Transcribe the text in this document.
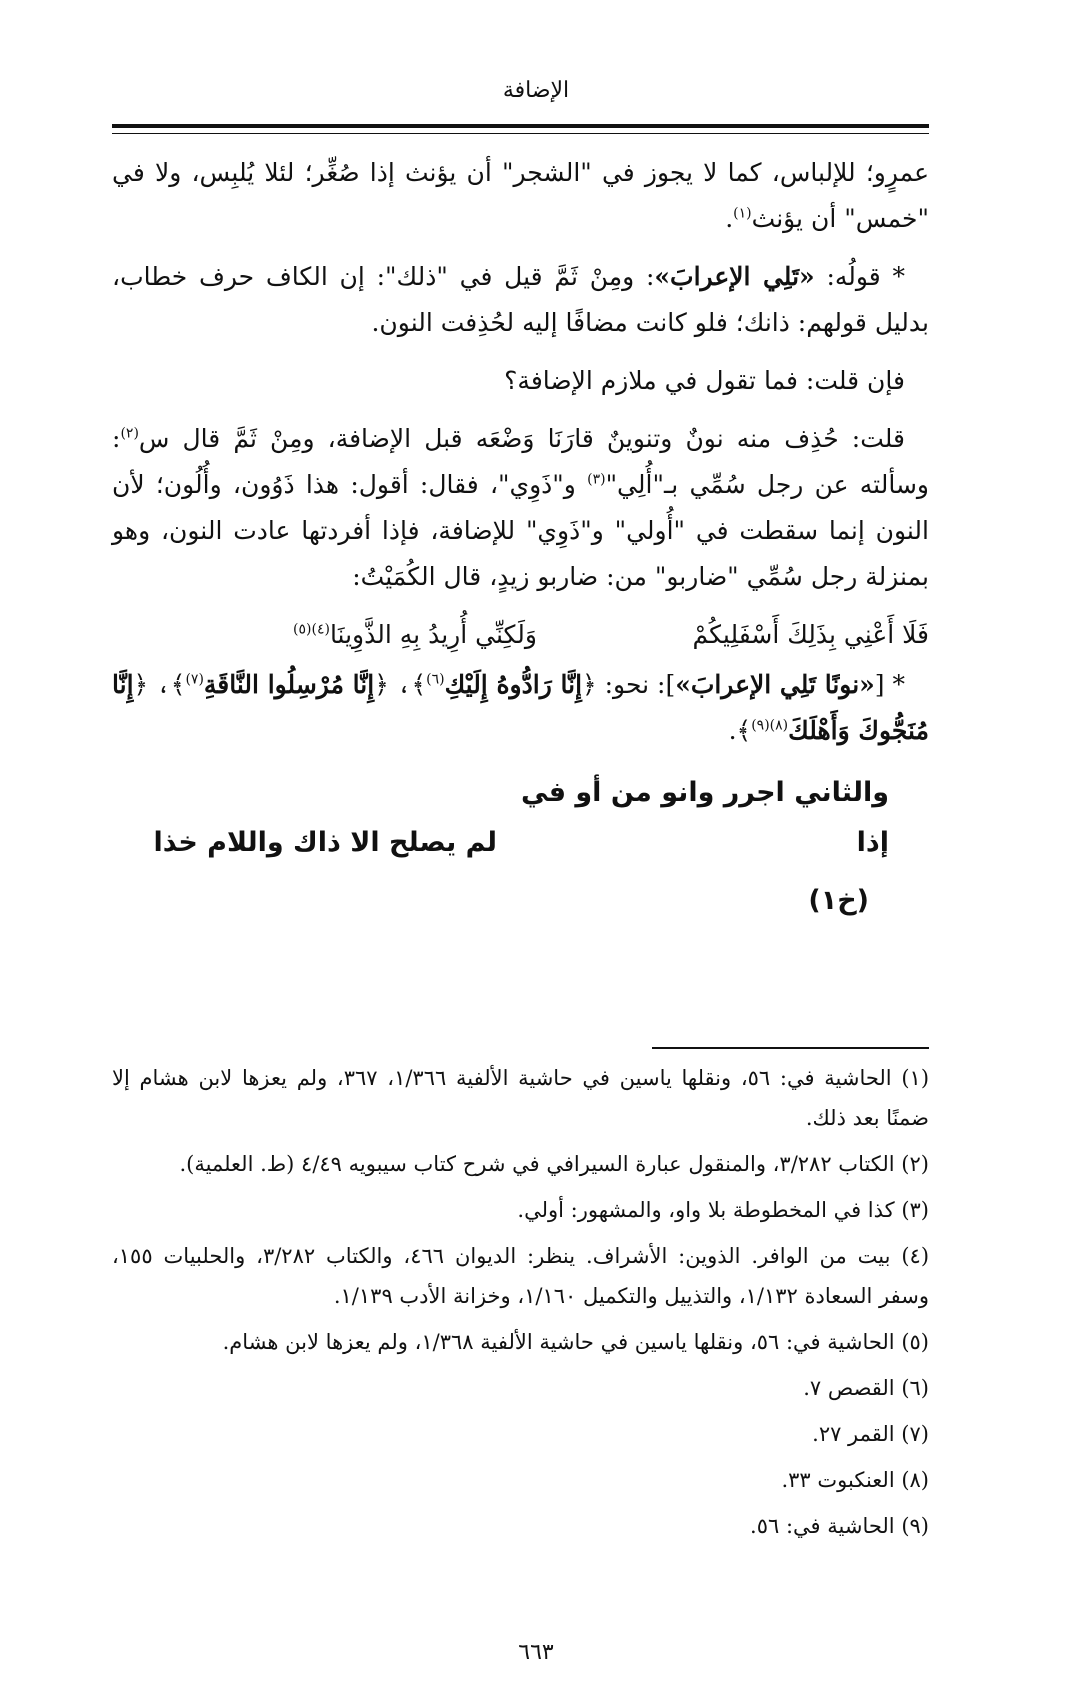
الإضافة

عمرٍو؛ للإلباس، كما لا يجوز في "الشجر" أن يؤنث إذا صُغِّر؛ لئلا يُلبِس، ولا في "خمس" أن يؤنث$^{(١)}$.

* قولُه: «تَلِي الإعرابَ»: ومِنْ ثَمَّ قيل في "ذلك": إن الكاف حرف خطاب، بدليل قولهم: ذانك؛ فلو كانت مضافًا إليه لحُذِفت النون.

فإن قلت: فما تقول في ملازم الإضافة؟

قلت: حُذِف منه نونٌ وتنوينٌ قارَنَا وَضْعَه قبل الإضافة، ومِنْ ثَمَّ قال س$^{(٢)}$: وسألته عن رجل سُمِّي بـ"أُلِي"$^{(٣)}$ و"ذَوِي"، فقال: أقول: هذا ذَوُون، وأُلُون؛ لأن النون إنما سقطت في "أُولي" و"ذَوِي" للإضافة، فإذا أفردتها عادت النون، وهو بمنزلة رجل سُمِّي "ضاربو" من: ضاربو زيدٍ، قال الكُمَيْتُ:

فَلَا أَعْنِي بِذَلِكَ أَسْفَلِيكُمْوَلَكِنِّي أُرِيدُ بِهِ الذَّوِينَا$^{(٤)(٥)}$

* [«نونًا تَلِي الإعرابَ»]: نحو: ﴿إِنَّا رَادُّوهُ إِلَيْكِ$^{(٦)}$﴾، ﴿إِنَّا مُرْسِلُوا النَّاقَةِ$^{(٧)}$﴾، ﴿إِنَّا مُنَجُّوكَ وَأَهْلَكَ$^{(٨)(٩)}$﴾.

والثاني اجرر وانو من أو في إذالم يصلح الا ذاك واللام خذا
(خ١)

(١) الحاشية في: ٥٦، ونقلها ياسين في حاشية الألفية ١/٣٦٦، ٣٦٧، ولم يعزها لابن هشام إلا ضمنًا بعد ذلك.

(٢) الكتاب ٣/٢٨٢، والمنقول عبارة السيرافي في شرح كتاب سيبويه ٤/٤٩ (ط. العلمية).

(٣) كذا في المخطوطة بلا واو، والمشهور: أولي.

(٤) بيت من الوافر. الذوين: الأشراف. ينظر: الديوان ٤٦٦، والكتاب ٣/٢٨٢، والحلبيات ١٥٥، وسفر السعادة ١/١٣٢، والتذييل والتكميل ١/١٦٠، وخزانة الأدب ١/١٣٩.

(٥) الحاشية في: ٥٦، ونقلها ياسين في حاشية الألفية ١/٣٦٨، ولم يعزها لابن هشام.

(٦) القصص ٧.

(٧) القمر ٢٧.

(٨) العنكبوت ٣٣.

(٩) الحاشية في: ٥٦.

٦٦٣
